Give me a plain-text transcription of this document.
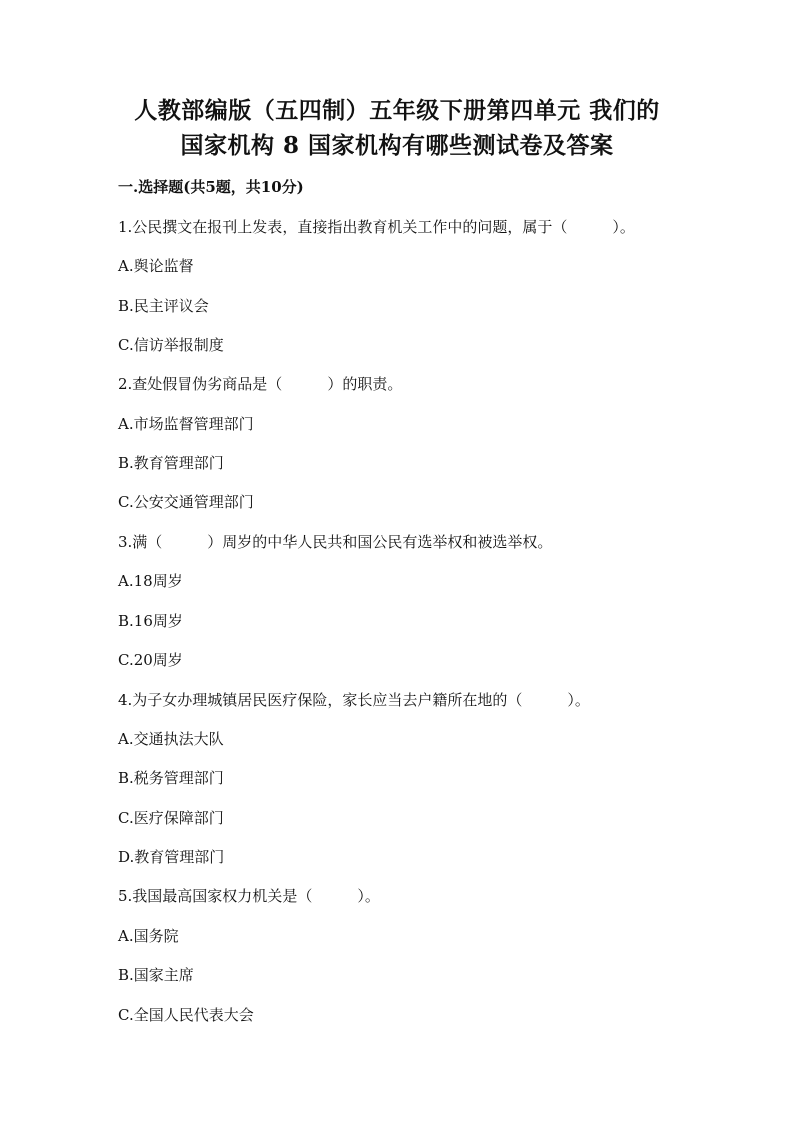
人教部编版（五四制）五年级下册第四单元 我们的
国家机构 8 国家机构有哪些测试卷及答案
一.选择题(共5题，共10分)
1.公民撰文在报刊上发表，直接指出教育机关工作中的问题，属于（　　　）。
A.舆论监督
B.民主评议会
C.信访举报制度
2.查处假冒伪劣商品是（　　　）的职责。
A.市场监督管理部门
B.教育管理部门
C.公安交通管理部门
3.满（　　　）周岁的中华人民共和国公民有选举权和被选举权。
A.18周岁
B.16周岁
C.20周岁
4.为子女办理城镇居民医疗保险，家长应当去户籍所在地的（　　　）。
A.交通执法大队
B.税务管理部门
C.医疗保障部门
D.教育管理部门
5.我国最高国家权力机关是（　　　）。
A.国务院
B.国家主席
C.全国人民代表大会
